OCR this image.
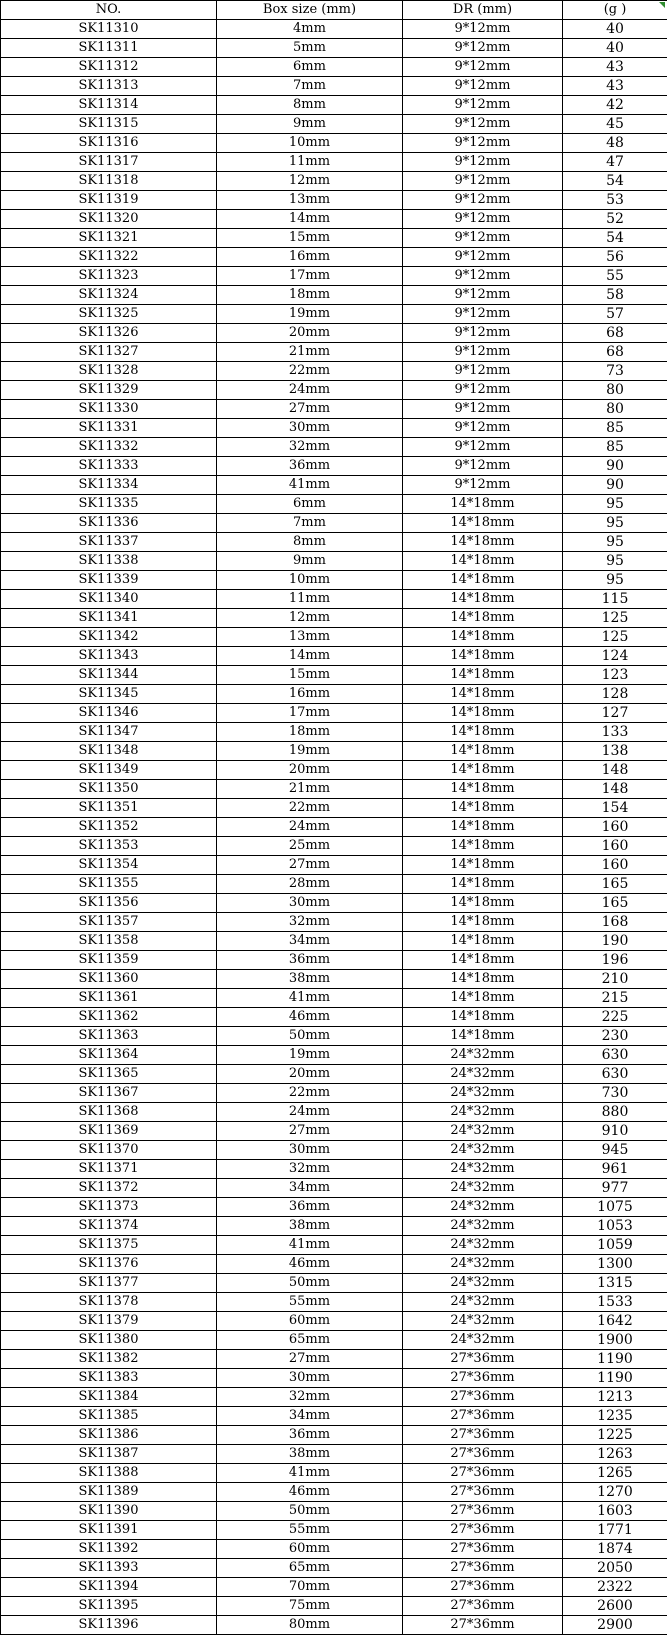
NO.	Box size (mm)	DR (mm)	(g )

SK11310	4mm	9*12mm	40
SK11311	5mm	9*12mm	40
SK11312	6mm	9*12mm	43
SK11313	7mm	9*12mm	43
SK11314	8mm	9*12mm	42
SK11315	9mm	9*12mm	45
SK11316	10mm	9*12mm	48
SK11317	11mm	9*12mm	47
SK11318	12mm	9*12mm	54
SK11319	13mm	9*12mm	53
SK11320	14mm	9*12mm	52
SK11321	15mm	9*12mm	54
SK11322	16mm	9*12mm	56
SK11323	17mm	9*12mm	55
SK11324	18mm	9*12mm	58
SK11325	19mm	9*12mm	57
SK11326	20mm	9*12mm	68
SK11327	21mm	9*12mm	68
SK11328	22mm	9*12mm	73
SK11329	24mm	9*12mm	80
SK11330	27mm	9*12mm	80
SK11331	30mm	9*12mm	85
SK11332	32mm	9*12mm	85
SK11333	36mm	9*12mm	90
SK11334	41mm	9*12mm	90
SK11335	6mm	14*18mm	95
SK11336	7mm	14*18mm	95
SK11337	8mm	14*18mm	95
SK11338	9mm	14*18mm	95
SK11339	10mm	14*18mm	95
SK11340	11mm	14*18mm	115
SK11341	12mm	14*18mm	125
SK11342	13mm	14*18mm	125
SK11343	14mm	14*18mm	124
SK11344	15mm	14*18mm	123
SK11345	16mm	14*18mm	128
SK11346	17mm	14*18mm	127
SK11347	18mm	14*18mm	133
SK11348	19mm	14*18mm	138
SK11349	20mm	14*18mm	148
SK11350	21mm	14*18mm	148
SK11351	22mm	14*18mm	154
SK11352	24mm	14*18mm	160
SK11353	25mm	14*18mm	160
SK11354	27mm	14*18mm	160
SK11355	28mm	14*18mm	165
SK11356	30mm	14*18mm	165
SK11357	32mm	14*18mm	168
SK11358	34mm	14*18mm	190
SK11359	36mm	14*18mm	196
SK11360	38mm	14*18mm	210
SK11361	41mm	14*18mm	215
SK11362	46mm	14*18mm	225
SK11363	50mm	14*18mm	230
SK11364	19mm	24*32mm	630
SK11365	20mm	24*32mm	630
SK11367	22mm	24*32mm	730
SK11368	24mm	24*32mm	880
SK11369	27mm	24*32mm	910
SK11370	30mm	24*32mm	945
SK11371	32mm	24*32mm	961
SK11372	34mm	24*32mm	977
SK11373	36mm	24*32mm	1075
SK11374	38mm	24*32mm	1053
SK11375	41mm	24*32mm	1059
SK11376	46mm	24*32mm	1300
SK11377	50mm	24*32mm	1315
SK11378	55mm	24*32mm	1533
SK11379	60mm	24*32mm	1642
SK11380	65mm	24*32mm	1900
SK11382	27mm	27*36mm	1190
SK11383	30mm	27*36mm	1190
SK11384	32mm	27*36mm	1213
SK11385	34mm	27*36mm	1235
SK11386	36mm	27*36mm	1225
SK11387	38mm	27*36mm	1263
SK11388	41mm	27*36mm	1265
SK11389	46mm	27*36mm	1270
SK11390	50mm	27*36mm	1603
SK11391	55mm	27*36mm	1771
SK11392	60mm	27*36mm	1874
SK11393	65mm	27*36mm	2050
SK11394	70mm	27*36mm	2322
SK11395	75mm	27*36mm	2600
SK11396	80mm	27*36mm	2900
